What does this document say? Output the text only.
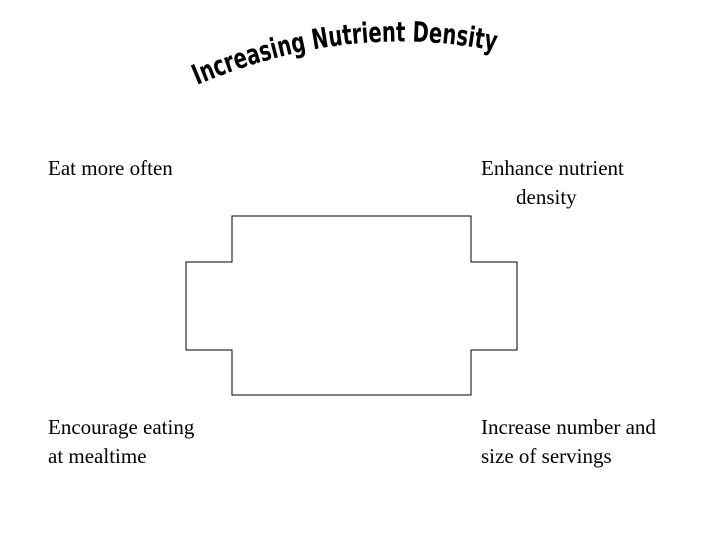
Increasing Nutrient Density
Eat more often	Enhance nutrient
density
Encourage eating
at mealtime
Increase number and
size of servings
